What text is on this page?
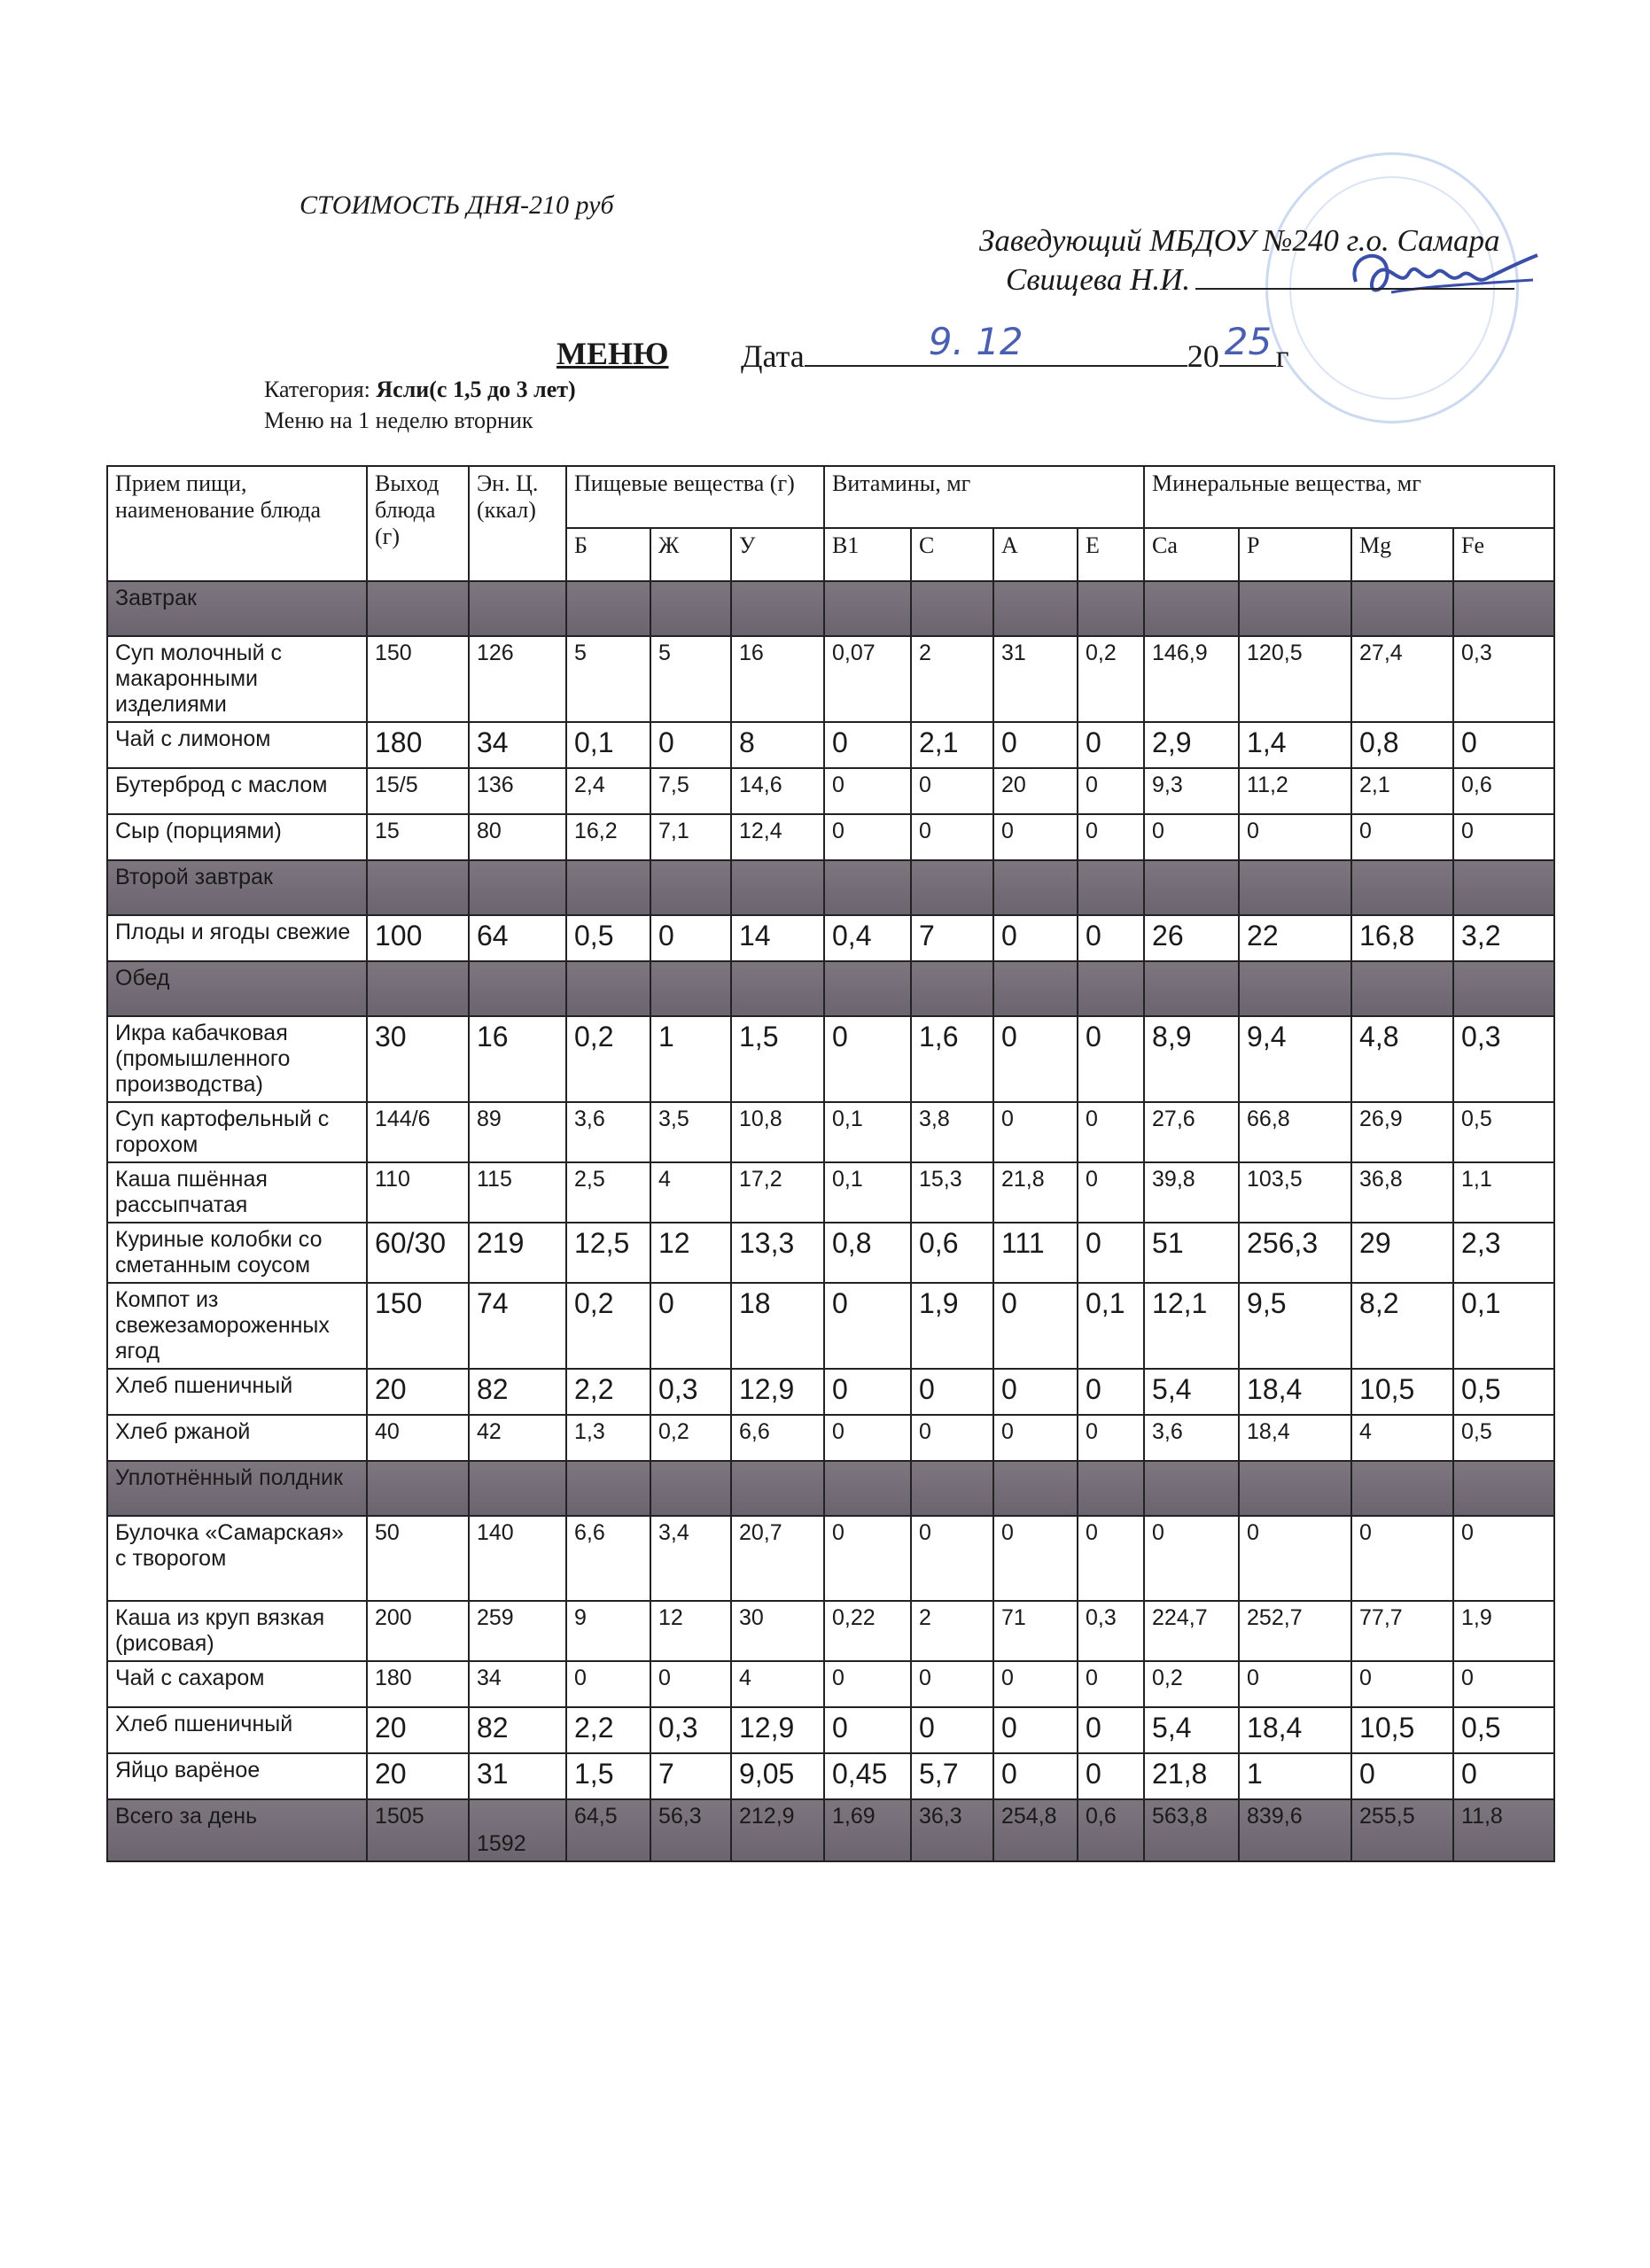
СТОИМОСТЬ ДНЯ-210 руб
Заведующий МБДОУ №240 г.о. Самара
Свищева Н.И.
МЕНЮ Дата	9. 12	20 25 г
Категория: Ясли(с 1,5 до 3 лет)
Меню на 1 неделю вторник
Прием пищи, наименование блюда	Выход блюда (г)	Эн. Ц. (ккал)	Пищевые вещества (г)			Витамины, мг				Минеральные вещества, мг			
			Б	Ж	У	B1	C	A	E	Ca	P	Mg	Fe
Завтрак													
Суп молочный с макаронными изделиями	150	126	5	5	16	0,07	2	31	0,2	146,9	120,5	27,4	0,3
Чай с лимоном	180	34	0,1	0	8	0	2,1	0	0	2,9	1,4	0,8	0
Бутерброд с маслом	15/5	136	2,4	7,5	14,6	0	0	20	0	9,3	11,2	2,1	0,6
Сыр (порциями)	15	80	16,2	7,1	12,4	0	0	0	0	0	0	0	0
Второй завтрак													
Плоды и ягоды свежие	100	64	0,5	0	14	0,4	7	0	0	26	22	16,8	3,2
Обед													
Икра кабачковая (промышленного производства)	30	16	0,2	1	1,5	0	1,6	0	0	8,9	9,4	4,8	0,3
Суп картофельный с горохом	144/6	89	3,6	3,5	10,8	0,1	3,8	0	0	27,6	66,8	26,9	0,5
Каша пшённая рассыпчатая	110	115	2,5	4	17,2	0,1	15,3	21,8	0	39,8	103,5	36,8	1,1
Куриные колобки со сметанным соусом	60/30	219	12,5	12	13,3	0,8	0,6	111	0	51	256,3	29	2,3
Компот из свежезамороженных ягод	150	74	0,2	0	18	0	1,9	0	0,1	12,1	9,5	8,2	0,1
Хлеб пшеничный	20	82	2,2	0,3	12,9	0	0	0	0	5,4	18,4	10,5	0,5
Хлеб ржаной	40	42	1,3	0,2	6,6	0	0	0	0	3,6	18,4	4	0,5
Уплотнённый полдник													
Булочка «Самарская» с творогом	50	140	6,6	3,4	20,7	0	0	0	0	0	0	0	0
Каша из круп вязкая (рисовая)	200	259	9	12	30	0,22	2	71	0,3	224,7	252,7	77,7	1,9
Чай с сахаром	180	34	0	0	4	0	0	0	0	0,2	0	0	0
Хлеб пшеничный	20	82	2,2	0,3	12,9	0	0	0	0	5,4	18,4	10,5	0,5
Яйцо варёное	20	31	1,5	7	9,05	0,45	5,7	0	0	21,8	1	0	0
Всего за день	1505	1592	64,5	56,3	212,9	1,69	36,3	254,8	0,6	563,8	839,6	255,5	11,8
